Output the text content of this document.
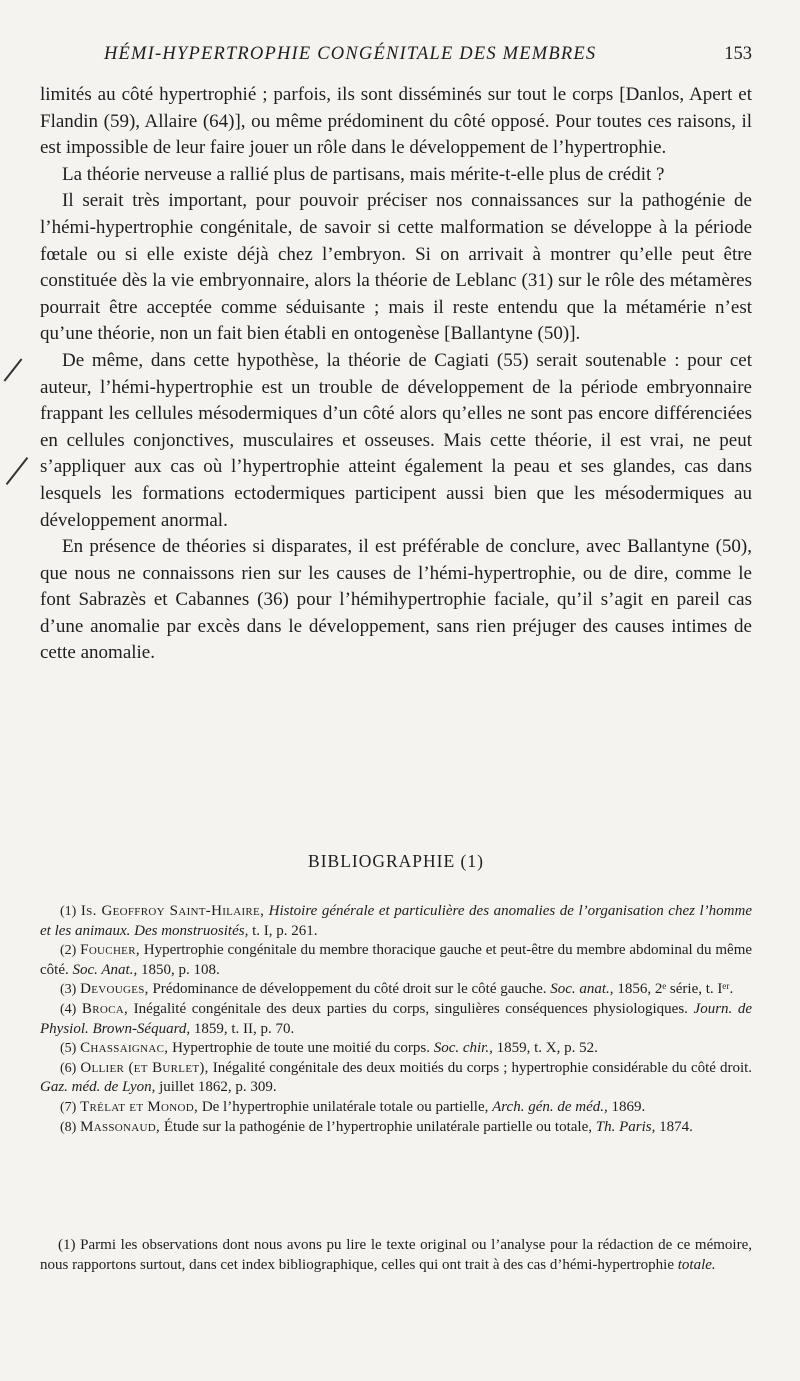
HÉMI-HYPERTROPHIE CONGÉNITALE DES MEMBRES	153

limités au côté hypertrophié ; parfois, ils sont disséminés sur tout le corps [Danlos, Apert et Flandin (59), Allaire (64)], ou même prédominent du côté opposé. Pour toutes ces raisons, il est impossible de leur faire jouer un rôle dans le développement de l’hypertrophie.

La théorie nerveuse a rallié plus de partisans, mais mérite-t-elle plus de crédit ?

Il serait très important, pour pouvoir préciser nos connaissances sur la pathogénie de l’hémi-hypertrophie congénitale, de savoir si cette malformation se développe à la période fœtale ou si elle existe déjà chez l’embryon. Si on arrivait à montrer qu’elle peut être constituée dès la vie embryonnaire, alors la théorie de Leblanc (31) sur le rôle des métamères pourrait être acceptée comme séduisante ; mais il reste entendu que la métamérie n’est qu’une théorie, non un fait bien établi en ontogenèse [Ballantyne (50)].

De même, dans cette hypothèse, la théorie de Cagiati (55) serait soutenable : pour cet auteur, l’hémi-hypertrophie est un trouble de développement de la période embryonnaire frappant les cellules mésodermiques d’un côté alors qu’elles ne sont pas encore différenciées en cellules conjonctives, musculaires et osseuses. Mais cette théorie, il est vrai, ne peut s’appliquer aux cas où l’hypertrophie atteint également la peau et ses glandes, cas dans lesquels les formations ectodermiques participent aussi bien que les mésodermiques au développement anormal.

En présence de théories si disparates, il est préférable de conclure, avec Ballantyne (50), que nous ne connaissons rien sur les causes de l’hémi-hypertrophie, ou de dire, comme le font Sabrazès et Cabannes (36) pour l’hémihypertrophie faciale, qu’il s’agit en pareil cas d’une anomalie par excès dans le développement, sans rien préjuger des causes intimes de cette anomalie.

BIBLIOGRAPHIE (1)

(1) Is. Geoffroy Saint-Hilaire, Histoire générale et particulière des anomalies de l’organisation chez l’homme et les animaux. Des monstruosités, t. I, p. 261.

(2) Foucher, Hypertrophie congénitale du membre thoracique gauche et peut-être du membre abdominal du même côté. Soc. Anat., 1850, p. 108.

(3) Devouges, Prédominance de développement du côté droit sur le côté gauche. Soc. anat., 1856, 2ᵉ série, t. Iᵉʳ.

(4) Broca, Inégalité congénitale des deux parties du corps, singulières conséquences physiologiques. Journ. de Physiol. Brown-Séquard, 1859, t. II, p. 70.

(5) Chassaignac, Hypertrophie de toute une moitié du corps. Soc. chir., 1859, t. X, p. 52.

(6) Ollier (et Burlet), Inégalité congénitale des deux moitiés du corps ; hypertrophie considérable du côté droit. Gaz. méd. de Lyon, juillet 1862, p. 309.

(7) Trélat et Monod, De l’hypertrophie unilatérale totale ou partielle, Arch. gén. de méd., 1869.

(8) Massonaud, Étude sur la pathogénie de l’hypertrophie unilatérale partielle ou totale, Th. Paris, 1874.

(1) Parmi les observations dont nous avons pu lire le texte original ou l’analyse pour la rédaction de ce mémoire, nous rapportons surtout, dans cet index bibliographique, celles qui ont trait à des cas d’hémi-hypertrophie totale.
